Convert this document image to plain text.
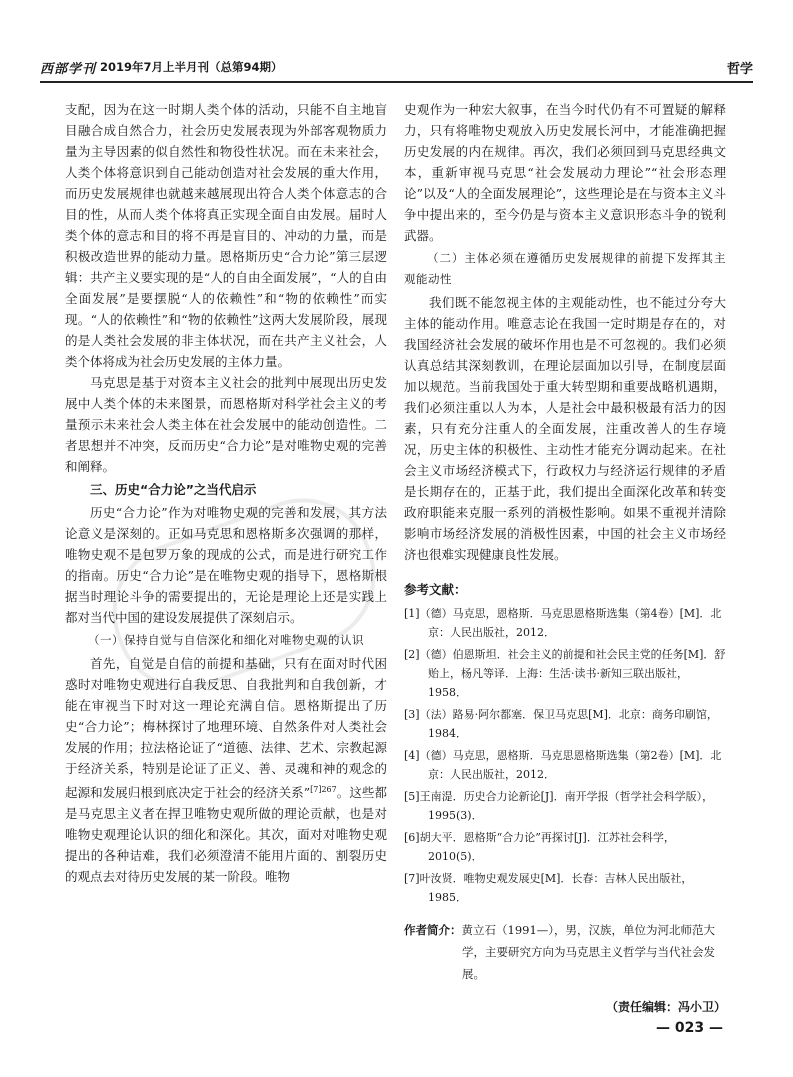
西部学刊 2019年7月上半月刊（总第94期）	哲学

支配，因为在这一时期人类个体的活动，只能不自主地盲目融合成自然合力，社会历史发展表现为外部客观物质力量为主导因素的似自然性和物役性状况。而在未来社会，人类个体将意识到自己能动创造对社会发展的重大作用，而历史发展规律也就越来越展现出符合人类个体意志的合目的性，从而人类个体将真正实现全面自由发展。届时人类个体的意志和目的将不再是盲目的、冲动的力量，而是积极改造世界的能动力量。恩格斯历史“合力论”第三层逻辑：共产主义要实现的是“人的自由全面发展”，“人的自由全面发展”是要摆脱“人的依赖性”和“物的依赖性”而实现。“人的依赖性”和“物的依赖性”这两大发展阶段，展现的是人类社会发展的非主体状况，而在共产主义社会，人类个体将成为社会历史发展的主体力量。

马克思是基于对资本主义社会的批判中展现出历史发展中人类个体的未来图景，而恩格斯对科学社会主义的考量预示未来社会人类主体在社会发展中的能动创造性。二者思想并不冲突，反而历史“合力论”是对唯物史观的完善和阐释。

三、历史“合力论”之当代启示

历史“合力论”作为对唯物史观的完善和发展，其方法论意义是深刻的。正如马克思和恩格斯多次强调的那样，唯物史观不是包罗万象的现成的公式，而是进行研究工作的指南。历史“合力论”是在唯物史观的指导下，恩格斯根据当时理论斗争的需要提出的，无论是理论上还是实践上都对当代中国的建设发展提供了深刻启示。

（一）保持自觉与自信深化和细化对唯物史观的认识

首先，自觉是自信的前提和基础，只有在面对时代困惑时对唯物史观进行自我反思、自我批判和自我创新，才能在审视当下时对这一理论充满自信。恩格斯提出了历史“合力论”；梅林探讨了地理环境、自然条件对人类社会发展的作用；拉法格论证了“道德、法律、艺术、宗教起源于经济关系，特别是论证了正义、善、灵魂和神的观念的起源和发展归根到底决定于社会的经济关系”$^{[7]267}$。这些都是马克思主义者在捍卫唯物史观所做的理论贡献，也是对唯物史观理论认识的细化和深化。其次，面对对唯物史观提出的各种诘难，我们必须澄清不能用片面的、割裂历史的观点去对待历史发展的某一阶段。唯物

史观作为一种宏大叙事，在当今时代仍有不可置疑的解释力，只有将唯物史观放入历史发展长河中，才能准确把握历史发展的内在规律。再次，我们必须回到马克思经典文本，重新审视马克思“社会发展动力理论”“社会形态理论”以及“人的全面发展理论”，这些理论是在与资本主义斗争中提出来的，至今仍是与资本主义意识形态斗争的锐利武器。

（二）主体必须在遵循历史发展规律的前提下发挥其主观能动性

我们既不能忽视主体的主观能动性，也不能过分夸大主体的能动作用。唯意志论在我国一定时期是存在的，对我国经济社会发展的破坏作用也是不可忽视的。我们必须认真总结其深刻教训，在理论层面加以引导，在制度层面加以规范。当前我国处于重大转型期和重要战略机遇期，我们必须注重以人为本，人是社会中最积极最有活力的因素，只有充分注重人的全面发展，注重改善人的生存境况，历史主体的积极性、主动性才能充分调动起来。在社会主义市场经济模式下，行政权力与经济运行规律的矛盾是长期存在的，正基于此，我们提出全面深化改革和转变政府职能来克服一系列的消极性影响。如果不重视并清除影响市场经济发展的消极性因素，中国的社会主义市场经济也很难实现健康良性发展。

参考文献：

[1]（德）马克思，恩格斯．马克思恩格斯选集（第4卷）[M]．北京：人民出版社，2012．

[2]（德）伯恩斯坦．社会主义的前提和社会民主党的任务[M]．舒贻上，杨凡等译．上海：生活·读书·新知三联出版社，1958．

[3]（法）路易·阿尔都塞．保卫马克思[M]．北京：商务印刷馆，1984．

[4]（德）马克思，恩格斯．马克思恩格斯选集（第2卷）[M]．北京：人民出版社，2012．

[5]王南湜．历史合力论新论[J]．南开学报（哲学社会科学版），1995(3)．

[6]胡大平．恩格斯“合力论”再探讨[J]．江苏社会科学，2010(5)．

[7]叶汝贤．唯物史观发展史[M]．长春：吉林人民出版社，1985．

作者简介：黄立石（1991—），男，汉族，单位为河北师范大学，主要研究方向为马克思主义哲学与当代社会发展。

（责任编辑：冯小卫）

— 023 —
